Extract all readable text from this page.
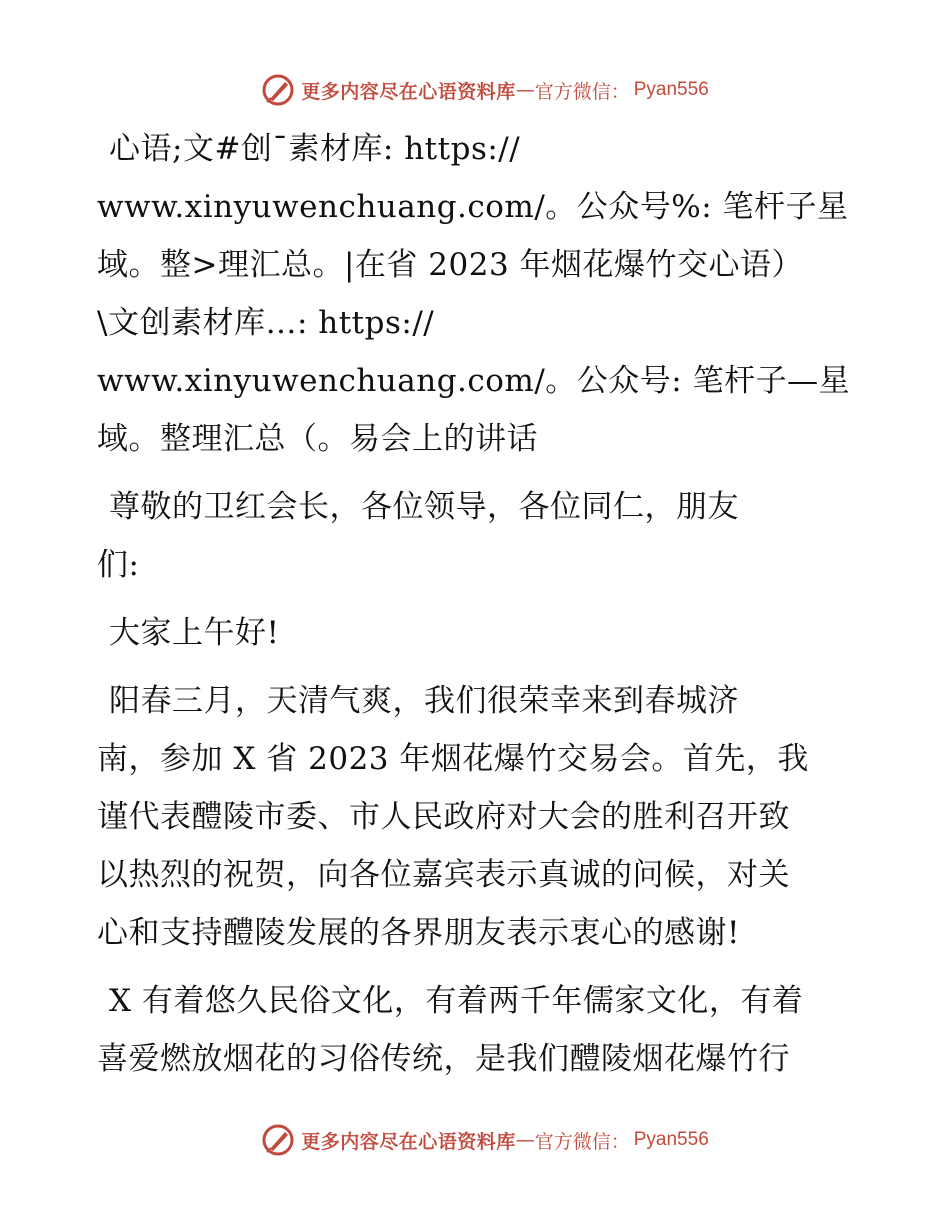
更多内容尽在心语资料库 — 官方微信： Pyan556

心语;文#创¯素材库: https://
www.xinyuwenchuang.com/。公众号%: 笔杆子星
域。整>理汇总。|在省 2023 年烟花爆竹交心语）
\文创素材库…: https://
www.xinyuwenchuang.com/。公众号: 笔杆子—星
域。整理汇总（。易会上的讲话

尊敬的卫红会长，各位领导，各位同仁，朋友
们:

大家上午好!

阳春三月，天清气爽，我们很荣幸来到春城济
南，参加 X 省 2023 年烟花爆竹交易会。首先，我
谨代表醴陵市委、市人民政府对大会的胜利召开致
以热烈的祝贺，向各位嘉宾表示真诚的问候，对关
心和支持醴陵发展的各界朋友表示衷心的感谢!

X 有着悠久民俗文化，有着两千年儒家文化，有着
喜爱燃放烟花的习俗传统，是我们醴陵烟花爆竹行

更多内容尽在心语资料库 — 官方微信： Pyan556
